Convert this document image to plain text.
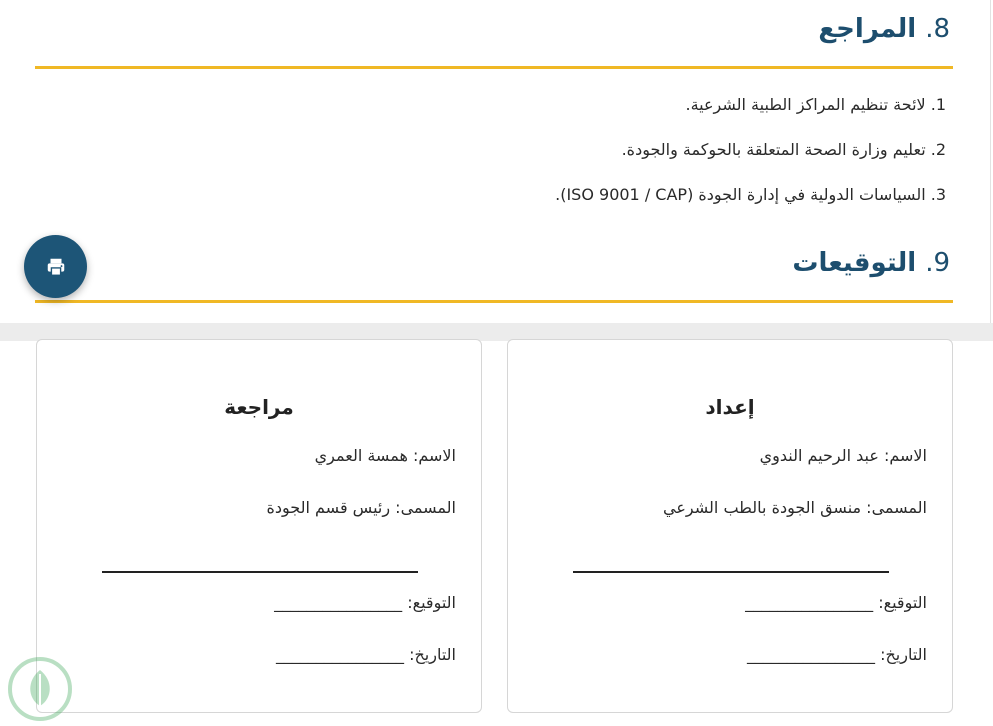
8. المراجع
1. لائحة تنظيم المراكز الطبية الشرعية.
2. تعليم وزارة الصحة المتعلقة بالحوكمة والجودة.
3. السياسات الدولية في إدارة الجودة (ISO 9001 / CAP).
9. التوقيعات
إعداد
الاسم: عبد الرحيم الندوي
المسمى: منسق الجودة بالطب الشرعي
التوقيع: ________________
التاريخ: ________________
مراجعة
الاسم: همسة العمري
المسمى: رئيس قسم الجودة
التوقيع: ________________
التاريخ: ________________
